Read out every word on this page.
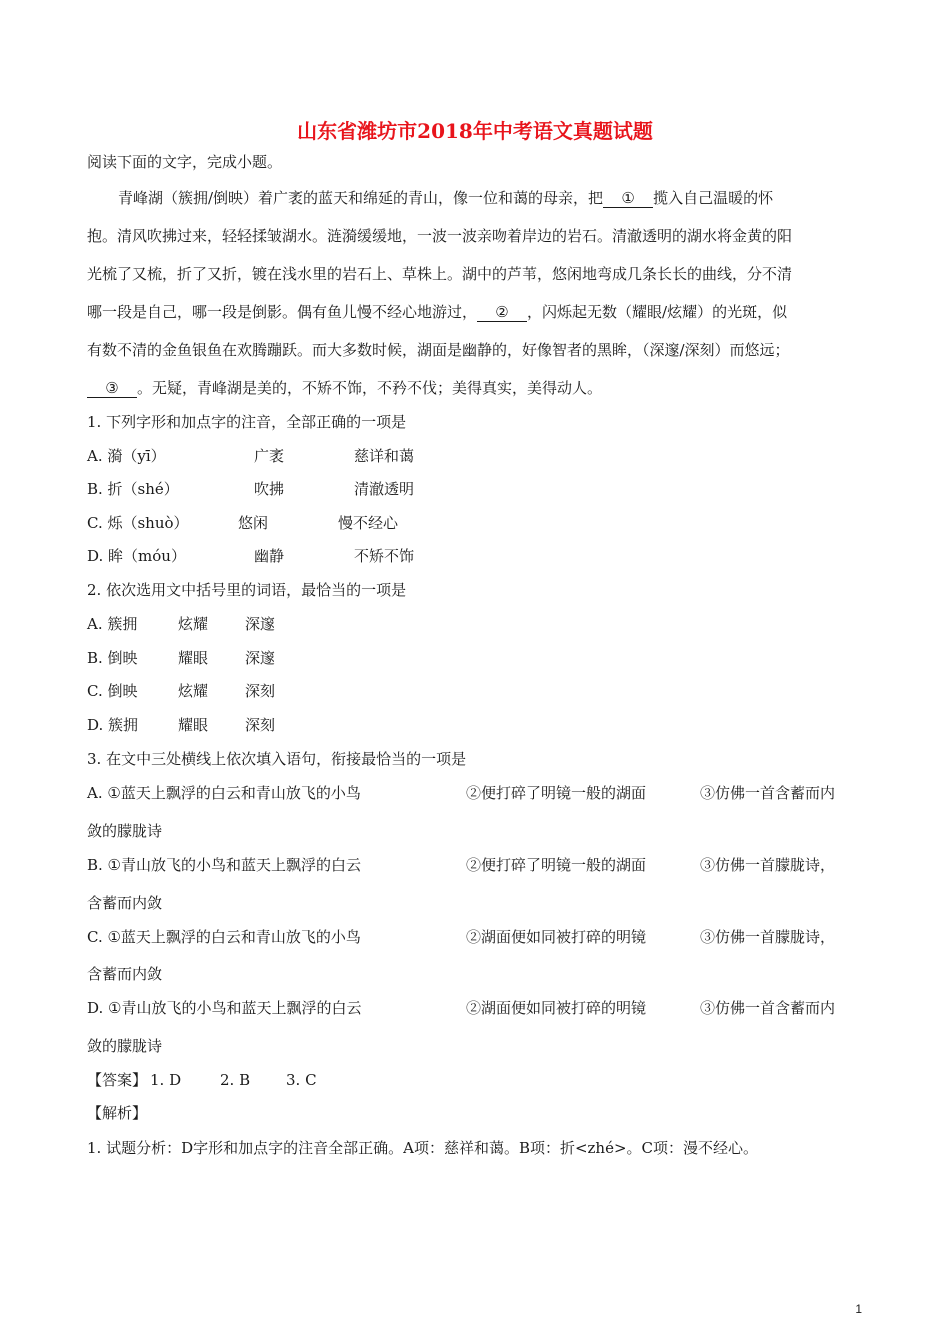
山东省潍坊市2018年中考语文真题试题
阅读下面的文字，完成小题。
青峰湖（簇拥/倒映）着广袤的蓝天和绵延的青山，像一位和蔼的母亲，把 ① 揽入自己温暖的怀
抱。清风吹拂过来，轻轻揉皱湖水。涟漪缓缓地，一波一波亲吻着岸边的岩石。清澈透明的湖水将金黄的阳
光梳了又梳，折了又折，镀在浅水里的岩石上、草株上。湖中的芦苇，悠闲地弯成几条长长的曲线，分不清
哪一段是自己，哪一段是倒影。偶有鱼儿慢不经心地游过， ② ，闪烁起无数（耀眼/炫耀）的光斑，似
有数不清的金鱼银鱼在欢腾蹦跃。而大多数时候，湖面是幽静的，好像智者的黑眸，（深邃/深刻）而悠远；
③ 。无疑，青峰湖是美的，不矫不饰，不矜不伐；美得真实，美得动人。
1. 下列字形和加点字的注音，全部正确的一项是
A. 漪（yī）	广袤	慈详和蔼
B. 折（shé）	吹拂	清澈透明
C. 烁（shuò）	悠闲	慢不经心
D. 眸（móu）	幽静	不矫不饰
2. 依次选用文中括号里的词语，最恰当的一项是
A. 簇拥	炫耀 深邃
B. 倒映	耀眼 深邃
C. 倒映	炫耀 深刻
D. 簇拥	耀眼 深刻
3. 在文中三处横线上依次填入语句，衔接最恰当的一项是
A. ①蓝天上飘浮的白云和青山放飞的小鸟	②便打碎了明镜一般的湖面	③仿佛一首含蓄而内
敛的朦胧诗
B. ①青山放飞的小鸟和蓝天上飘浮的白云	②便打碎了明镜一般的湖面	③仿佛一首朦胧诗，
含蓄而内敛
C. ①蓝天上飘浮的白云和青山放飞的小鸟	②湖面便如同被打碎的明镜	③仿佛一首朦胧诗，
含蓄而内敛
D. ①青山放飞的小鸟和蓝天上飘浮的白云	②湖面便如同被打碎的明镜	③仿佛一首含蓄而内
敛的朦胧诗
【答案】 1. D	2. B 3. C
【解析】
1. 试题分析：D字形和加点字的注音全部正确。A项：慈祥和蔼。B项：折<zhé>。C项：漫不经心。
1
